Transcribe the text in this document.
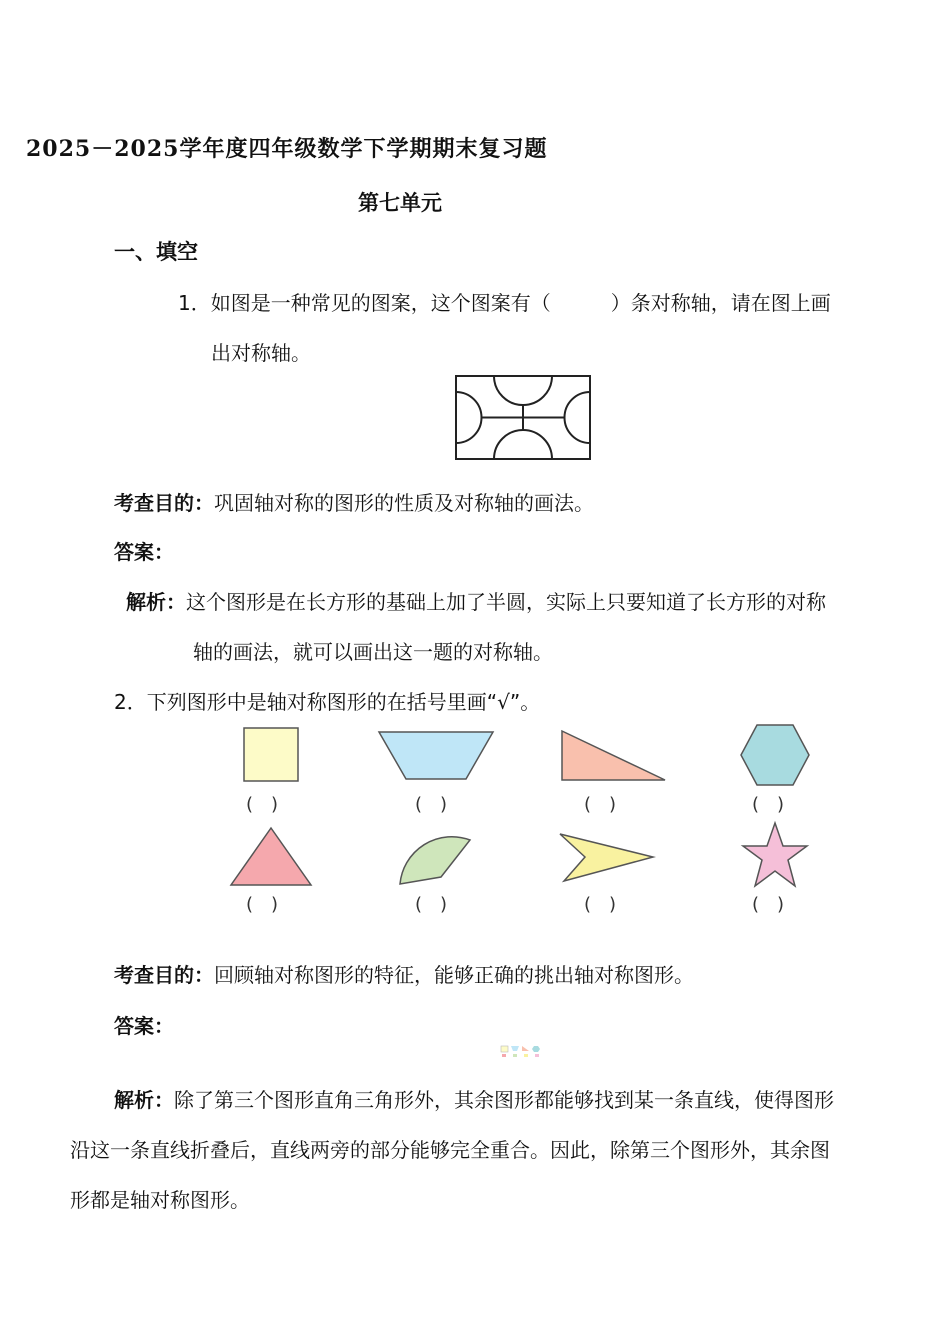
2025－2025学年度四年级数学下学期期末复习题
第七单元
一、填空
1．如图是一种常见的图案，这个图案有（　　　）条对称轴，请在图上画
出对称轴。
考查目的：巩固轴对称的图形的性质及对称轴的画法。
答案：
解析：这个图形是在长方形的基础上加了半圆，实际上只要知道了长方形的对称
轴的画法，就可以画出这一题的对称轴。
2．下列图形中是轴对称图形的在括号里画“√”。
(　)	(　)	(　)	(　)
(　)	(　)	(　)	(　)
考查目的：回顾轴对称图形的特征，能够正确的挑出轴对称图形。
答案：
解析：除了第三个图形直角三角形外，其余图形都能够找到某一条直线，使得图形
沿这一条直线折叠后，直线两旁的部分能够完全重合。因此，除第三个图形外，其余图
形都是轴对称图形。
